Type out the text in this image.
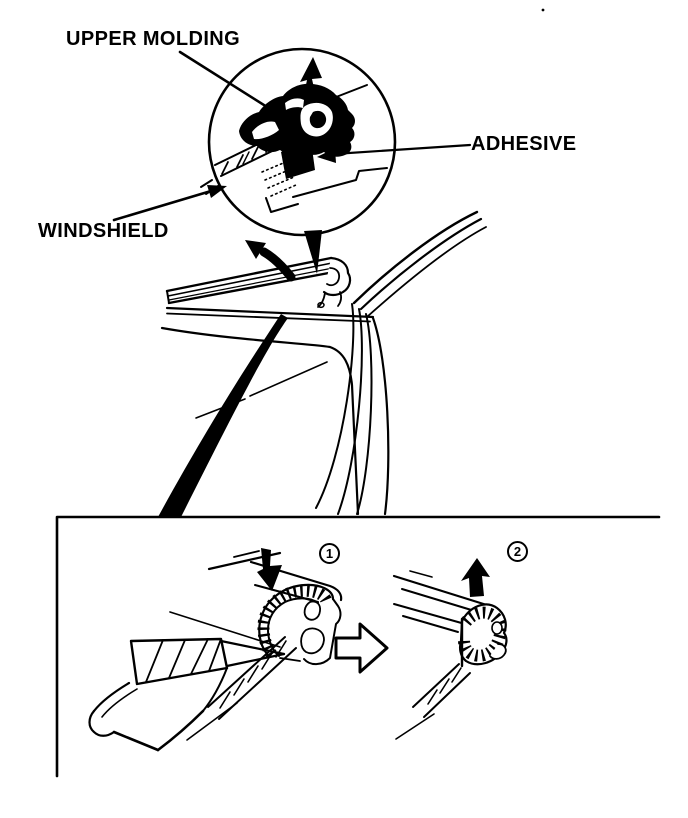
UPPER MOLDING
ADHESIVE
WINDSHIELD
1	2
